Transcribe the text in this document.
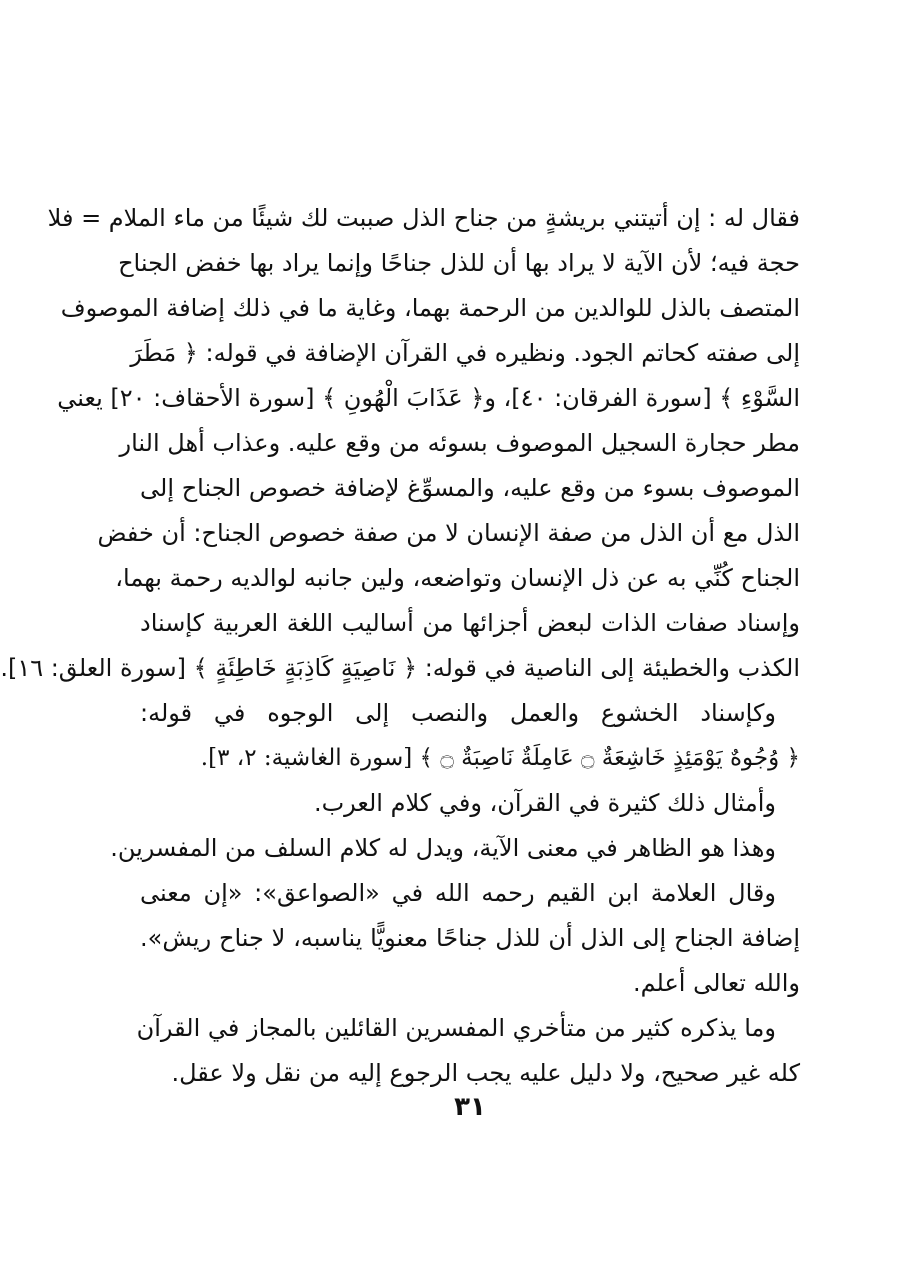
فقال له : إن أتيتني بريشةٍ من جناح الذل صببت لك شيئًا من ماء الملام = فلا
حجة فيه؛ لأن الآية لا يراد بها أن للذل جناحًا وإنما يراد بها خفض الجناح
المتصف بالذل للوالدين من الرحمة بهما، وغاية ما في ذلك إضافة الموصوف
إلى صفته كحاتم الجود. ونظيره في القرآن الإضافة في قوله: ﴿ مَطَرَ
السَّوْءِ ﴾ [سورة الفرقان: ٤٠]، و﴿ عَذَابَ الْهُونِ ﴾ [سورة الأحقاف: ٢٠] يعني
مطر حجارة السجيل الموصوف بسوئه من وقع عليه. وعذاب أهل النار
الموصوف بسوء من وقع عليه، والمسوِّغ لإضافة خصوص الجناح إلى
الذل مع أن الذل من صفة الإنسان لا من صفة خصوص الجناح: أن خفض
الجناح كُنِّي به عن ذل الإنسان وتواضعه، ولين جانبه لوالديه رحمة بهما،
وإسناد صفات الذات لبعض أجزائها من أساليب اللغة العربية كإسناد
الكذب والخطيئة إلى الناصية في قوله: ﴿ نَاصِيَةٍ كَاذِبَةٍ خَاطِئَةٍ ﴾ [سورة العلق: ١٦].
وكإسناد الخشوع والعمل والنصب إلى الوجوه في قوله:
﴿ وُجُوهٌ يَوْمَئِذٍ خَاشِعَةٌ ۝ عَامِلَةٌ نَاصِبَةٌ ۝ ﴾ [سورة الغاشية: ٢، ٣].
وأمثال ذلك كثيرة في القرآن، وفي كلام العرب.
وهذا هو الظاهر في معنى الآية، ويدل له كلام السلف من المفسرين.
وقال العلامة ابن القيم رحمه الله في «الصواعق»: «إن معنى
إضافة الجناح إلى الذل أن للذل جناحًا معنويًّا يناسبه، لا جناح ريش».
والله تعالى أعلم.
وما يذكره كثير من متأخري المفسرين القائلين بالمجاز في القرآن
كله غير صحيح، ولا دليل عليه يجب الرجوع إليه من نقل ولا عقل.
٣١
